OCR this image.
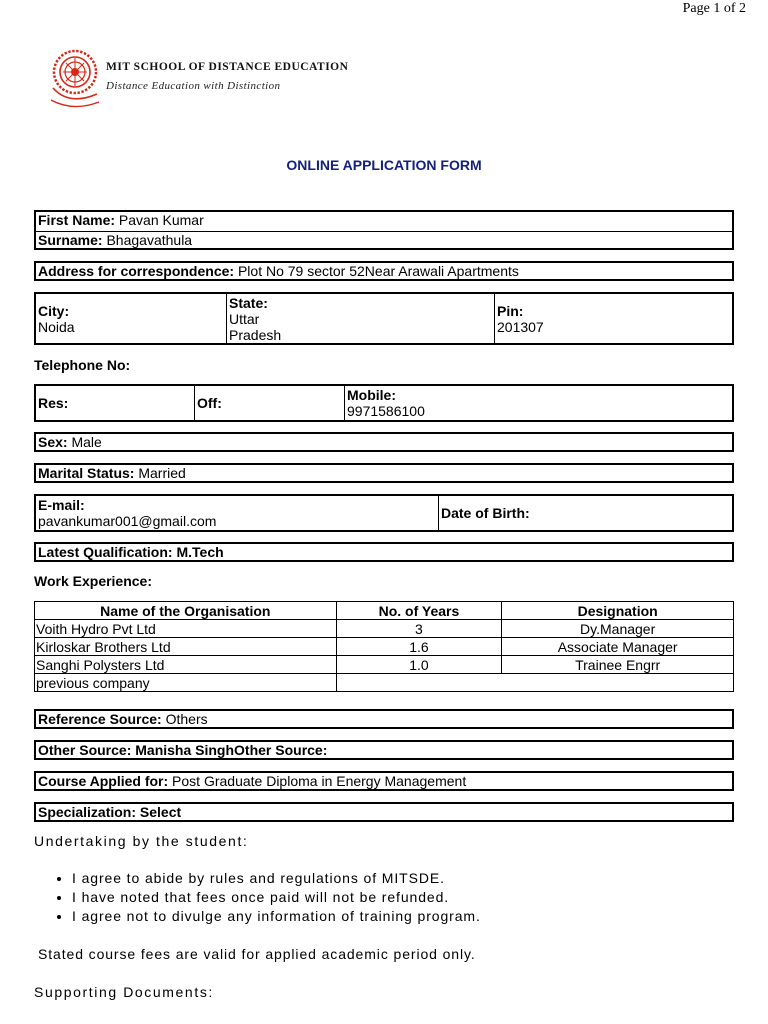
Page 1 of 2
MIT SCHOOL OF DISTANCE EDUCATION
Distance Education with Distinction
ONLINE APPLICATION FORM
First Name: Pavan Kumar
Surname: Bhagavathula
Address for correspondence: Plot No 79 sector 52Near Arawali Apartments
City:
Noida
State:
Uttar
Pradesh
Pin:
201307
Telephone No:
Res:	Off:	Mobile:
9971586100
Sex: Male
Marital Status: Married
E-mail:
pavankumar001@gmail.com	Date of Birth:
Latest Qualification: M.Tech
Work Experience:
Name of the Organisation	No. of Years	Designation
Voith Hydro Pvt Ltd	3	Dy.Manager
Kirloskar Brothers Ltd	1.6	Associate Manager
Sanghi Polysters Ltd	1.0	Trainee Engrr
previous company		
Reference Source: Others
Other Source: Manisha SinghOther Source:
Course Applied for: Post Graduate Diploma in Energy Management
Specialization: Select
Undertaking by the student:
• I agree to abide by rules and regulations of MITSDE.
• I have noted that fees once paid will not be refunded.
• I agree not to divulge any information of training program.
Stated course fees are valid for applied academic period only.
Supporting Documents:
